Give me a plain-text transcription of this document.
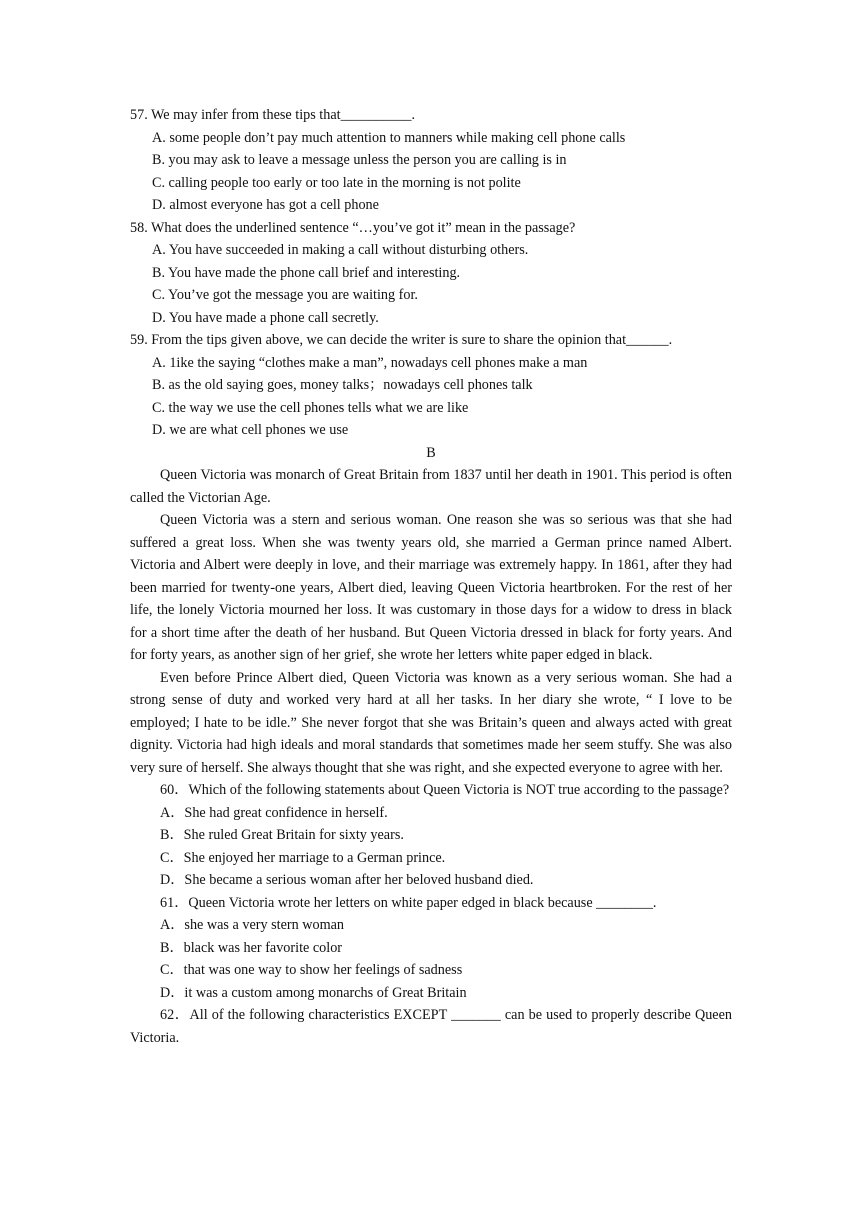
57. We may infer from these tips that__________.
A. some people don’t pay much attention to manners while making cell phone calls
B. you may ask to leave a message unless the person you are calling is in
C. calling people too early or too late in the morning is not polite
D. almost everyone has got a cell phone
58. What does the underlined sentence “…you’ve got it” mean in the passage?
A. You have succeeded in making a call without disturbing others.
B. You have made the phone call brief and interesting.
C. You’ve got the message you are waiting for.
D. You have made a phone call secretly.
59. From the tips given above, we can decide the writer is sure to share the opinion that______.
A. 1ike the saying “clothes make a man”, nowadays cell phones make a man
B. as the old saying goes, money talks；nowadays cell phones talk
C. the way we use the cell phones tells what we are like
D. we are what cell phones we use
B

Queen Victoria was monarch of Great Britain from 1837 until her death in 1901. This period is often called the Victorian Age.

Queen Victoria was a stern and serious woman. One reason she was so serious was that she had suffered a great loss. When she was twenty years old, she married a German prince named Albert. Victoria and Albert were deeply in love, and their marriage was extremely happy. In 1861, after they had been married for twenty-one years, Albert died, leaving Queen Victoria heartbroken. For the rest of her life, the lonely Victoria mourned her loss. It was customary in those days for a widow to dress in black for a short time after the death of her husband. But Queen Victoria dressed in black for forty years. And for forty years, as another sign of her grief, she wrote her letters white paper edged in black.

Even before Prince Albert died, Queen Victoria was known as a very serious woman. She had a strong sense of duty and worked very hard at all her tasks. In her diary she wrote, “ I love to be employed; I hate to be idle.” She never forgot that she was Britain’s queen and always acted with great dignity. Victoria had high ideals and moral standards that sometimes made her seem stuffy. She was also very sure of herself. She always thought that she was right, and she expected everyone to agree with her.

60．Which of the following statements about Queen Victoria is NOT true according to the passage?

A．She had great confidence in herself.
B．She ruled Great Britain for sixty years.
C．She enjoyed her marriage to a German prince.
D．She became a serious woman after her beloved husband died.

61．Queen Victoria wrote her letters on white paper edged in black because ________.

A．she was a very stern woman
B．black was her favorite color
C．that was one way to show her feelings of sadness
D．it was a custom among monarchs of Great Britain

62．All of the following characteristics EXCEPT _______ can be used to properly describe Queen Victoria.
